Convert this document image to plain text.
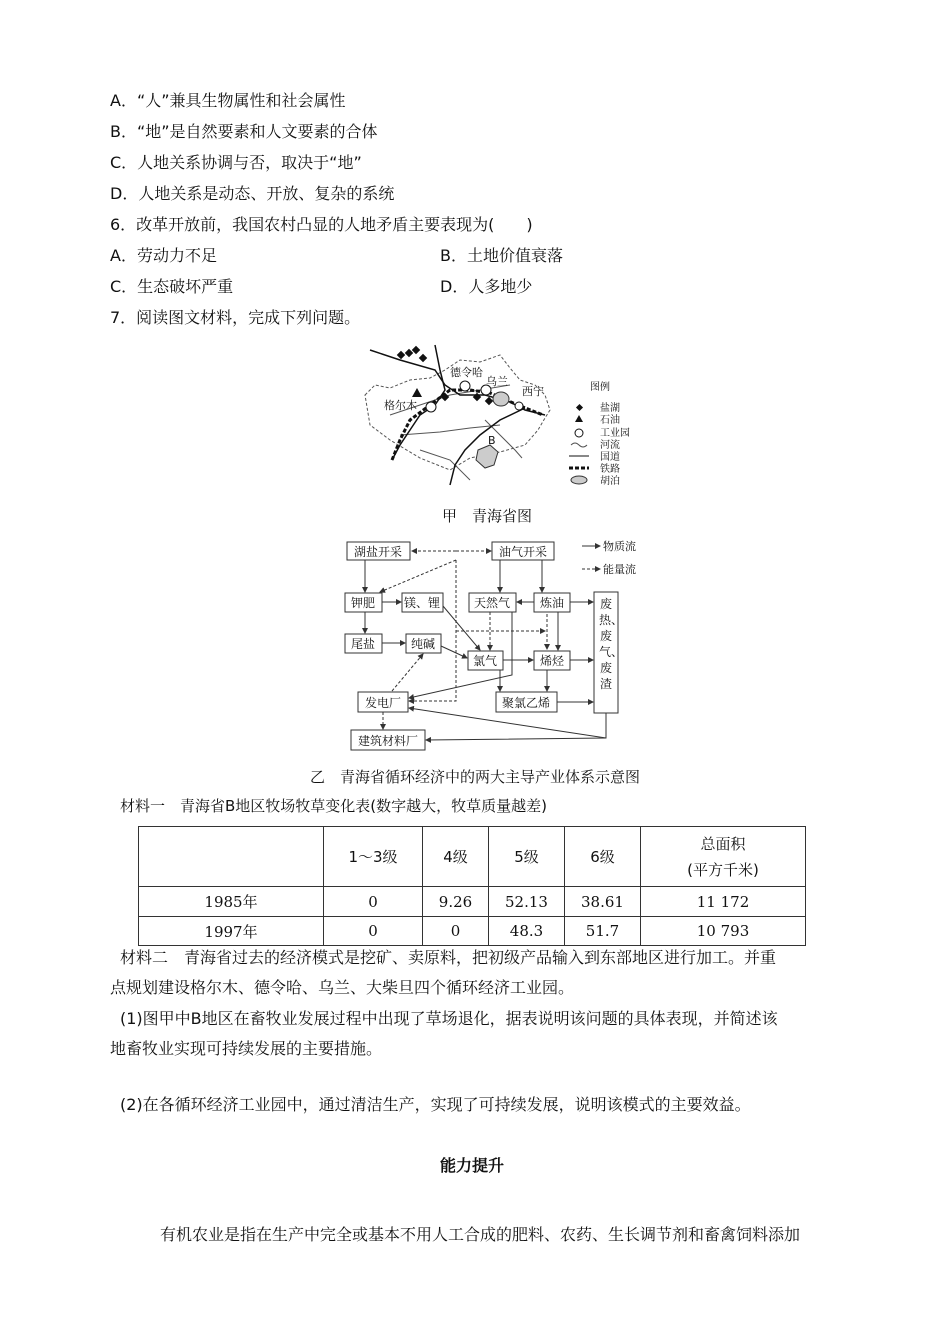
A．“人”兼具生物属性和社会属性
B．“地”是自然要素和人文要素的合体
C．人地关系协调与否，取决于“地”
D．人地关系是动态、开放、复杂的系统
6．改革开放前，我国农村凸显的人地矛盾主要表现为(　　)
A．劳动力不足	B．土地价值衰落
C．生态破坏严重	D．人多地少
7．阅读图文材料，完成下列问题。
德令哈
乌兰
西宁
格尔木
B
图例
盐湖
石油
工业园
河流
国道
铁路
胡泊
甲　青海省图
湖盐开采	油气开采
钾肥 镁、锂	天然气 炼油
尾盐	纯碱
氯气	烯烃
发电厂	聚氯乙烯
建筑材料厂
废热、废气、废渣
物质流
能量流
乙　青海省循环经济中的两大主导产业体系示意图
材料一　青海省B地区牧场牧草变化表(数字越大，牧草质量越差)
	1～3级	4级	5级	6级	总面积
(平方千米)
1985年	0	9.26	52.13	38.61	11 172
1997年	0	0	48.3	51.7	10 793
材料二　青海省过去的经济模式是挖矿、卖原料，把初级产品输入到东部地区进行加工。并重
点规划建设格尔木、德令哈、乌兰、大柴旦四个循环经济工业园。
(1)图甲中B地区在畜牧业发展过程中出现了草场退化，据表说明该问题的具体表现，并简述该
地畜牧业实现可持续发展的主要措施。
(2)在各循环经济工业园中，通过清洁生产，实现了可持续发展，说明该模式的主要效益。
能力提升
有机农业是指在生产中完全或基本不用人工合成的肥料、农药、生长调节剂和畜禽饲料添加
